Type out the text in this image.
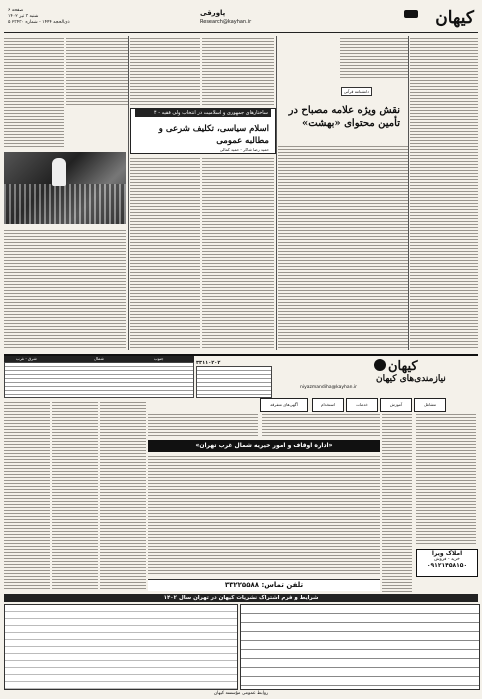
کیهان
پاورقی
Research@kayhan.ir
صفحه ۶
شنبه ۳ تیر ۱۴۰۲
۵ ذی‌الحجه ۱۴۴۴ - شماره ۲۳۴۳۰
دانشنامه قرآنی
نقش ویژه علامه مصباح در تأمین محتوای «بهشت»
ساختارهای جمهوری و اسلامیت در انتخاب ولی فقیه - ۴
اسلام سیاسی، تکلیف شرعی و مطالبه عمومی
حمید رضا شاکر - حمید کمالی
کیهان
نیازمندی‌های کیهان
۳۳۱۱۰۲۰۲
niyazmandiha@kayhan.ir
شرق - غرب	شمال	جنوب
آگهی‌های متفرقه	استخدام	خدمات	آموزش	مشاغل
«اداره اوقاف و امور خیریه شمال غرب تهران»
تلفن تماس: ۳۳۲۲۵۵۸۸
املاک ویرا
خرید - فروش
۰۹۱۲۱۴۵۸۱۵۰
شرایط و فرم اشتراک نشریات کیهان در تهران سال ۱۴۰۲
روابط عمومی مؤسسه کیهان
